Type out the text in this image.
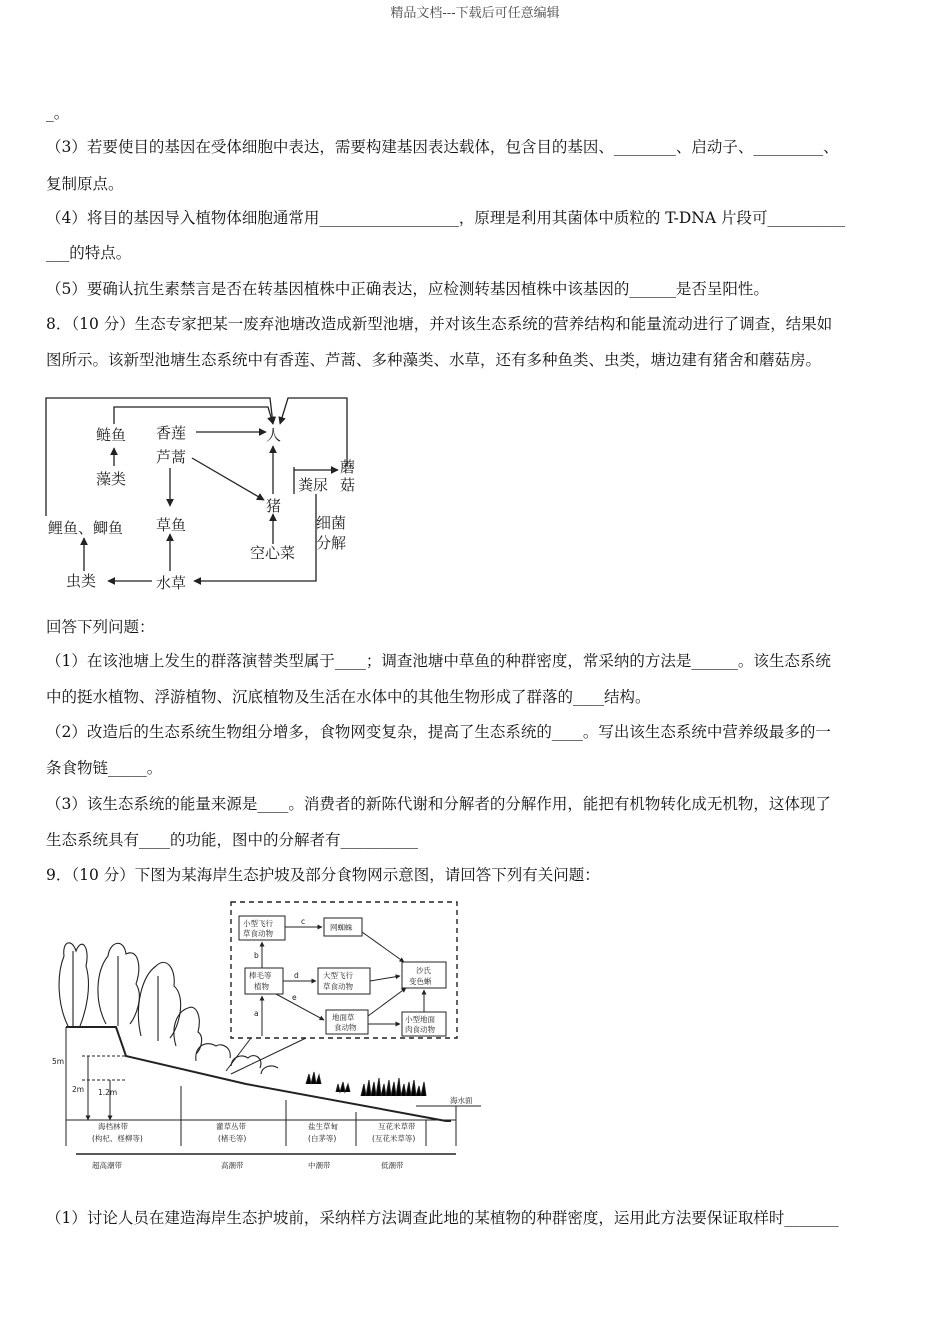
精品文档---下载后可任意编辑
_。
（3）若要使目的基因在受体细胞中表达，需要构建基因表达载体，包含目的基因、________、启动子、_________、
复制原点。
（4）将目的基因导入植物体细胞通常用__________________，原理是利用其菌体中质粒的 T-DNA 片段可__________
___的特点。
（5）要确认抗生素禁言是否在转基因植株中正确表达，应检测转基因植株中该基因的______是否呈阳性。
8．（10 分）生态专家把某一废弃池塘改造成新型池塘，并对该生态系统的营养结构和能量流动进行了调查，结果如
图所示。该新型池塘生态系统中有香莲、芦蒿、多种藻类、水草，还有多种鱼类、虫类，塘边建有猪舍和蘑菇房。
鲢鱼
藻类
香莲
芦蒿
人
蘑
菇
粪尿
猪
鲤鱼、鲫鱼 草鱼	细菌
分解
空心菜
虫类	水草
回答下列问题：
（1）在该池塘上发生的群落演替类型属于____；调查池塘中草鱼的种群密度，常采纳的方法是______。该生态系统
中的挺水植物、浮游植物、沉底植物及生活在水体中的其他生物形成了群落的____结构。
（2）改造后的生态系统生物组分增多，食物网变复杂，提高了生态系统的____。写出该生态系统中营养级最多的一
条食物链_____。
（3）该生态系统的能量来源是____。消费者的新陈代谢和分解者的分解作用，能把有机物转化成无机物，这体现了
生态系统具有____的功能，图中的分解者有__________
9．（10 分）下图为某海岸生态护坡及部分食物网示意图，请回答下列有关问题：
小型飞行
草食动物
网蜘蛛
沙氏
变色蜥
棒毛等
植物
大型飞行
草食动物
地面草
食动物
小型地面
肉食动物
c
b
d
e
a
5m
2m 1.2m
海水面
海档林带
(构杞、柽柳等)
灌草丛带
(楮毛等)
盐生草甸
(白茅等)
互花米草带
(互花米草等)
超高潮带	高潮带	中潮带	低潮带
（1）讨论人员在建造海岸生态护坡前，采纳样方法调查此地的某植物的种群密度，运用此方法要保证取样时_______
